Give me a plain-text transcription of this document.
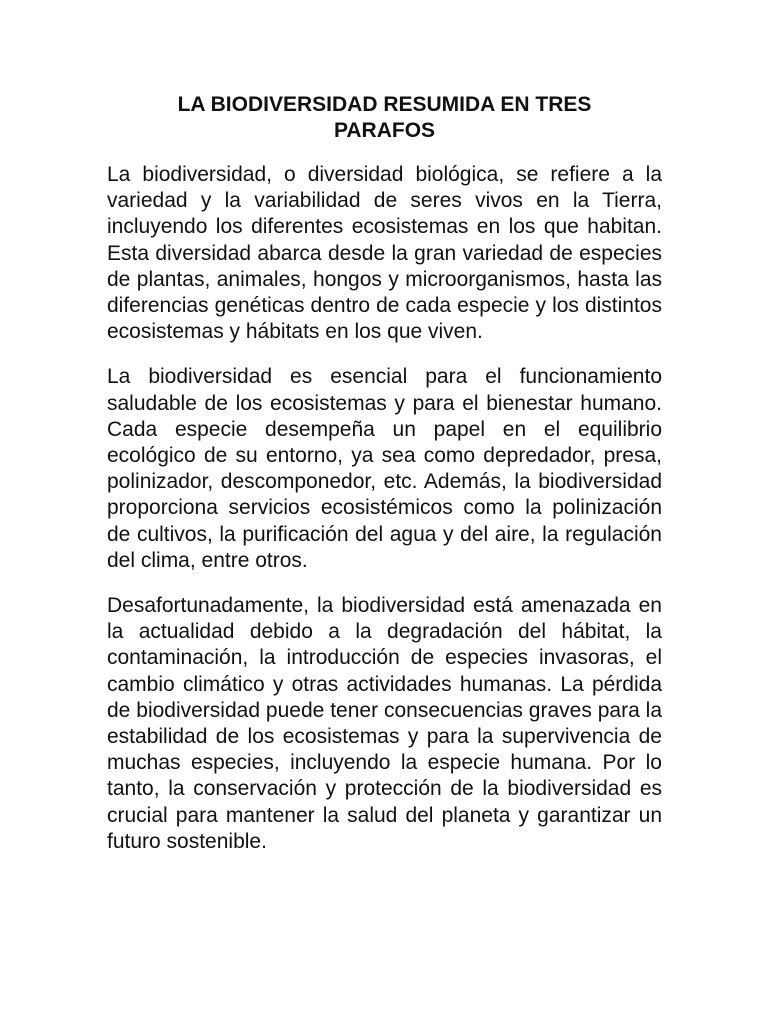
LA BIODIVERSIDAD RESUMIDA EN TRES PARAFOS

La biodiversidad, o diversidad biológica, se refiere a la variedad y la variabilidad de seres vivos en la Tierra, incluyendo los diferentes ecosistemas en los que habitan. Esta diversidad abarca desde la gran variedad de especies de plantas, animales, hongos y microorganismos, hasta las diferencias genéticas dentro de cada especie y los distintos ecosistemas y hábitats en los que viven.

La biodiversidad es esencial para el funcionamiento saludable de los ecosistemas y para el bienestar humano. Cada especie desempeña un papel en el equilibrio ecológico de su entorno, ya sea como depredador, presa, polinizador, descomponedor, etc. Además, la biodiversidad proporciona servicios ecosistémicos como la polinización de cultivos, la purificación del agua y del aire, la regulación del clima, entre otros.

Desafortunadamente, la biodiversidad está amenazada en la actualidad debido a la degradación del hábitat, la contaminación, la introducción de especies invasoras, el cambio climático y otras actividades humanas. La pérdida de biodiversidad puede tener consecuencias graves para la estabilidad de los ecosistemas y para la supervivencia de muchas especies, incluyendo la especie humana. Por lo tanto, la conservación y protección de la biodiversidad es crucial para mantener la salud del planeta y garantizar un futuro sostenible.
